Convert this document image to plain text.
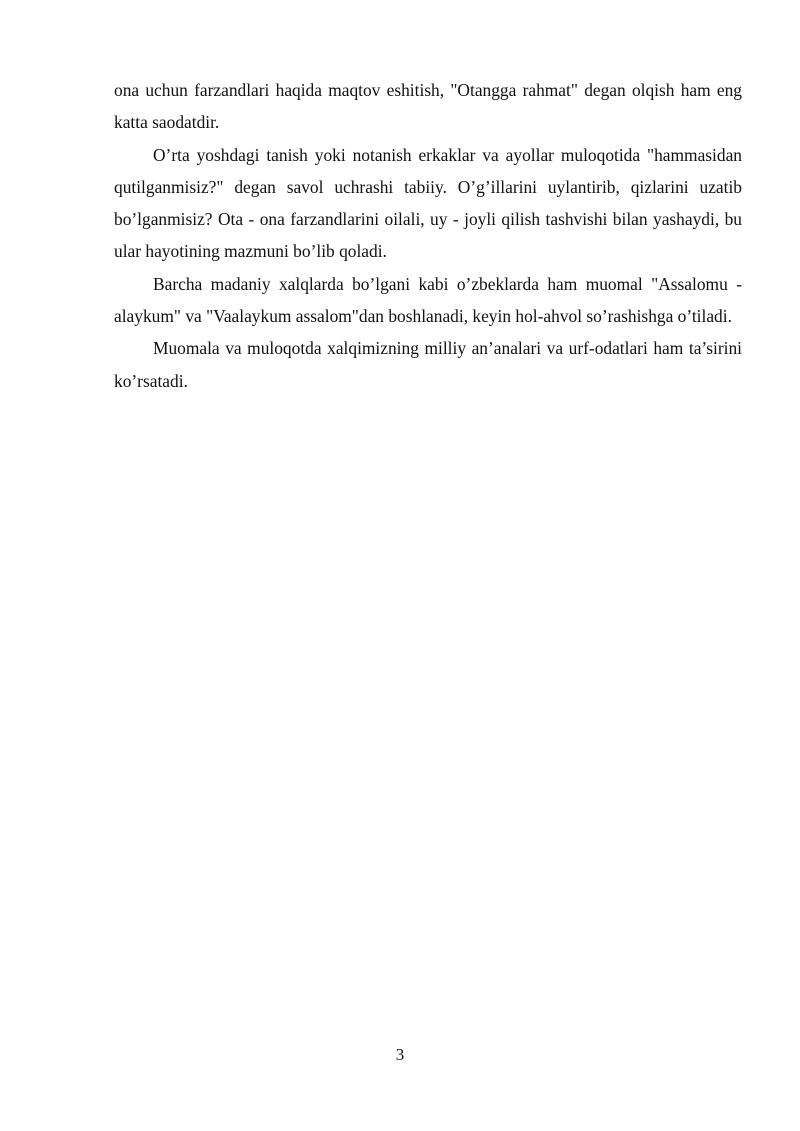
ona uchun farzandlari haqida maqtov eshitish, "Otangga rahmat" degan olqish ham eng katta saodatdir.

O’rta yoshdagi tanish yoki notanish erkaklar va ayollar muloqotida "hammasidan qutilganmisiz?" degan savol uchrashi tabiiy. O’g’illarini uylantirib, qizlarini uzatib bo’lganmisiz? Ota - ona farzandlarini oilali, uy - joyli qilish tashvishi bilan yashaydi, bu ular hayotining mazmuni bo’lib qoladi.

Barcha madaniy xalqlarda bo’lgani kabi o’zbeklarda ham muomal "Assalomu - alaykum" va "Vaalaykum assalom"dan boshlanadi, keyin hol-ahvol so’rashishga o’tiladi.

Muomala va muloqotda xalqimizning milliy an’analari va urf-odatlari ham ta’sirini ko’rsatadi.

3
